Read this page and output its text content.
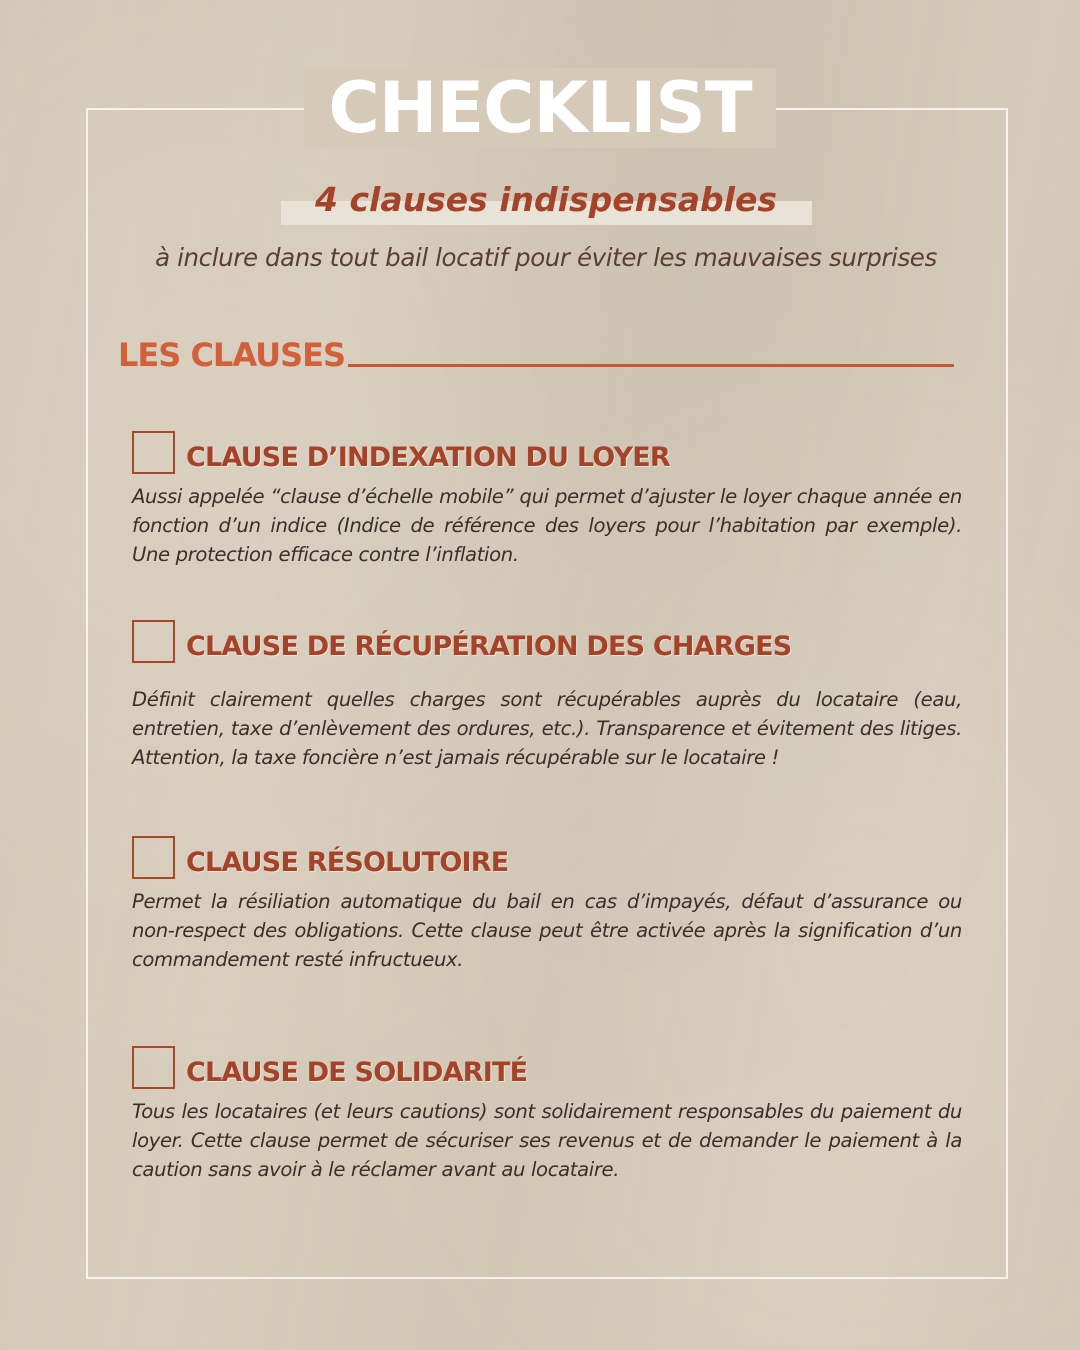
CHECKLIST
4 clauses indispensables
à inclure dans tout bail locatif pour éviter les mauvaises surprises
LES CLAUSES
CLAUSE D’INDEXATION DU LOYER

Aussi appelée “clause d’échelle mobile” qui permet d’ajuster le loyer chaque année en fonction d’un indice (Indice de référence des loyers pour l’habitation par exemple). Une protection efficace contre l’inflation.

CLAUSE DE RÉCUPÉRATION DES CHARGES

Définit clairement quelles charges sont récupérables auprès du locataire (eau, entretien, taxe d’enlèvement des ordures, etc.). Transparence et évitement des litiges. Attention, la taxe foncière n’est jamais récupérable sur le locataire !

CLAUSE RÉSOLUTOIRE

Permet la résiliation automatique du bail en cas d’impayés, défaut d’assurance ou non-respect des obligations. Cette clause peut être activée après la signification d’un commandement resté infructueux.

CLAUSE DE SOLIDARITÉ

Tous les locataires (et leurs cautions) sont solidairement responsables du paiement du loyer. Cette clause permet de sécuriser ses revenus et de demander le paiement à la caution sans avoir à le réclamer avant au locataire.
